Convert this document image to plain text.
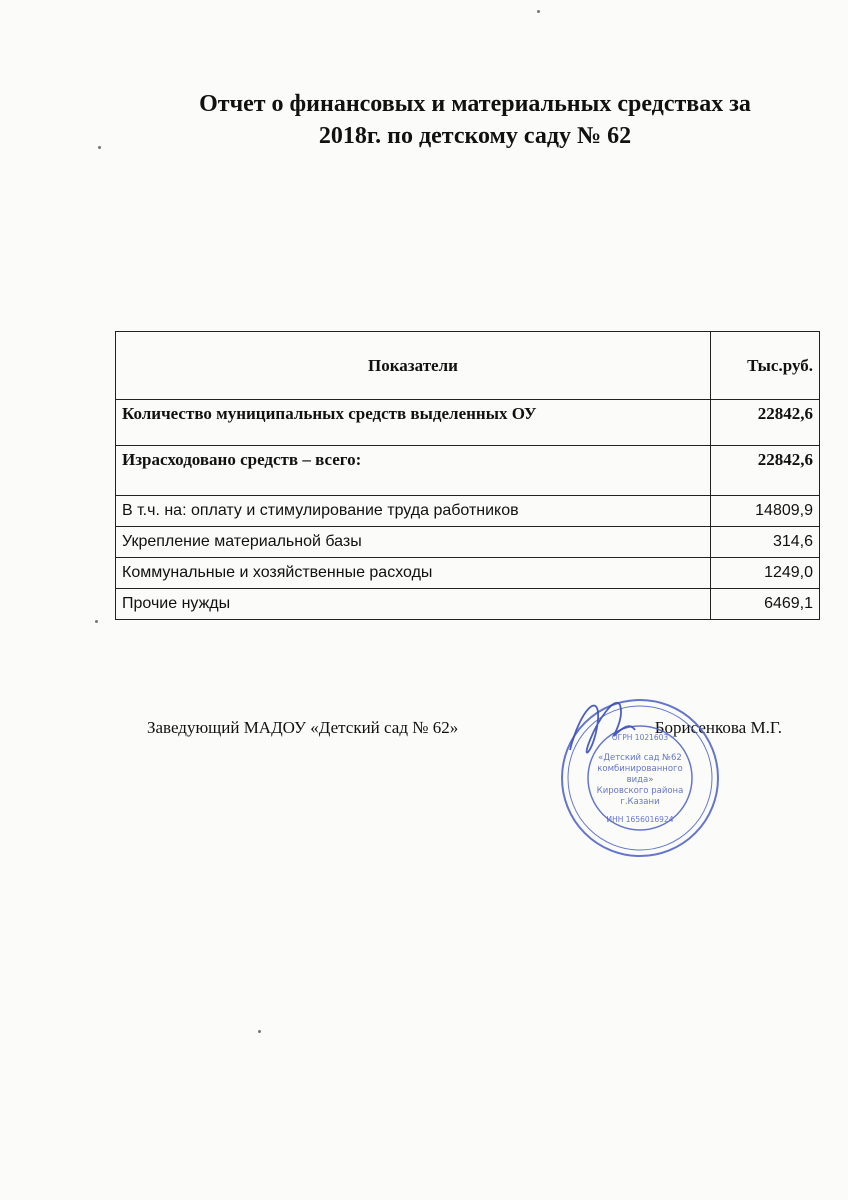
Отчет о финансовых и материальных средствах за
2018г. по детскому саду № 62
Показатели	Тыс.руб.
Количество муниципальных средств выделенных ОУ	22842,6
Израсходовано средств – всего:	22842,6
В т.ч. на: оплату и стимулирование труда работников	14809,9
Укрепление материальной базы	314,6
Коммунальные и хозяйственные расходы	1249,0
Прочие нужды	6469,1
Заведующий МАДОУ «Детский сад № 62»	Борисенкова М.Г.
«Детский сад №62
комбинированного
вида»
Кировского района
г.Казани
ИНН 1656016924
ОГРН 1021603
